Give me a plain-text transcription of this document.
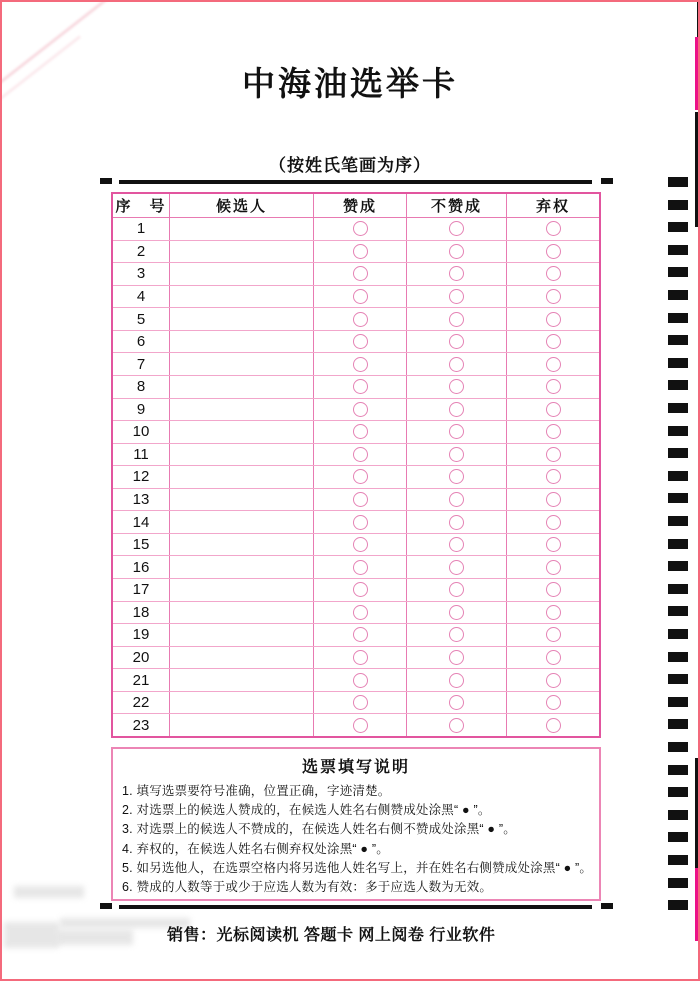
中海油选举卡
（按姓氏笔画为序）
序　号	候选人	赞成	不赞成	弃权
1
2
3
4
5
6
7
8
9
10
11
12
13
14
15
16
17
18
19
20
21
22
23
选票填写说明
1. 填写选票要符号准确，位置正确，字迹清楚。
2. 对选票上的候选人赞成的，在候选人姓名右侧赞成处涂黑“ ● ”。
3. 对选票上的候选人不赞成的，在候选人姓名右侧不赞成处涂黑“ ● ”。
4. 弃权的，在候选人姓名右侧弃权处涂黑“ ● ”。
5. 如另选他人，在选票空格内将另选他人姓名写上，并在姓名右侧赞成处涂黑“ ● ”。
6. 赞成的人数等于或少于应选人数为有效：多于应选人数为无效。
销售：光标阅读机 答题卡 网上阅卷 行业软件
